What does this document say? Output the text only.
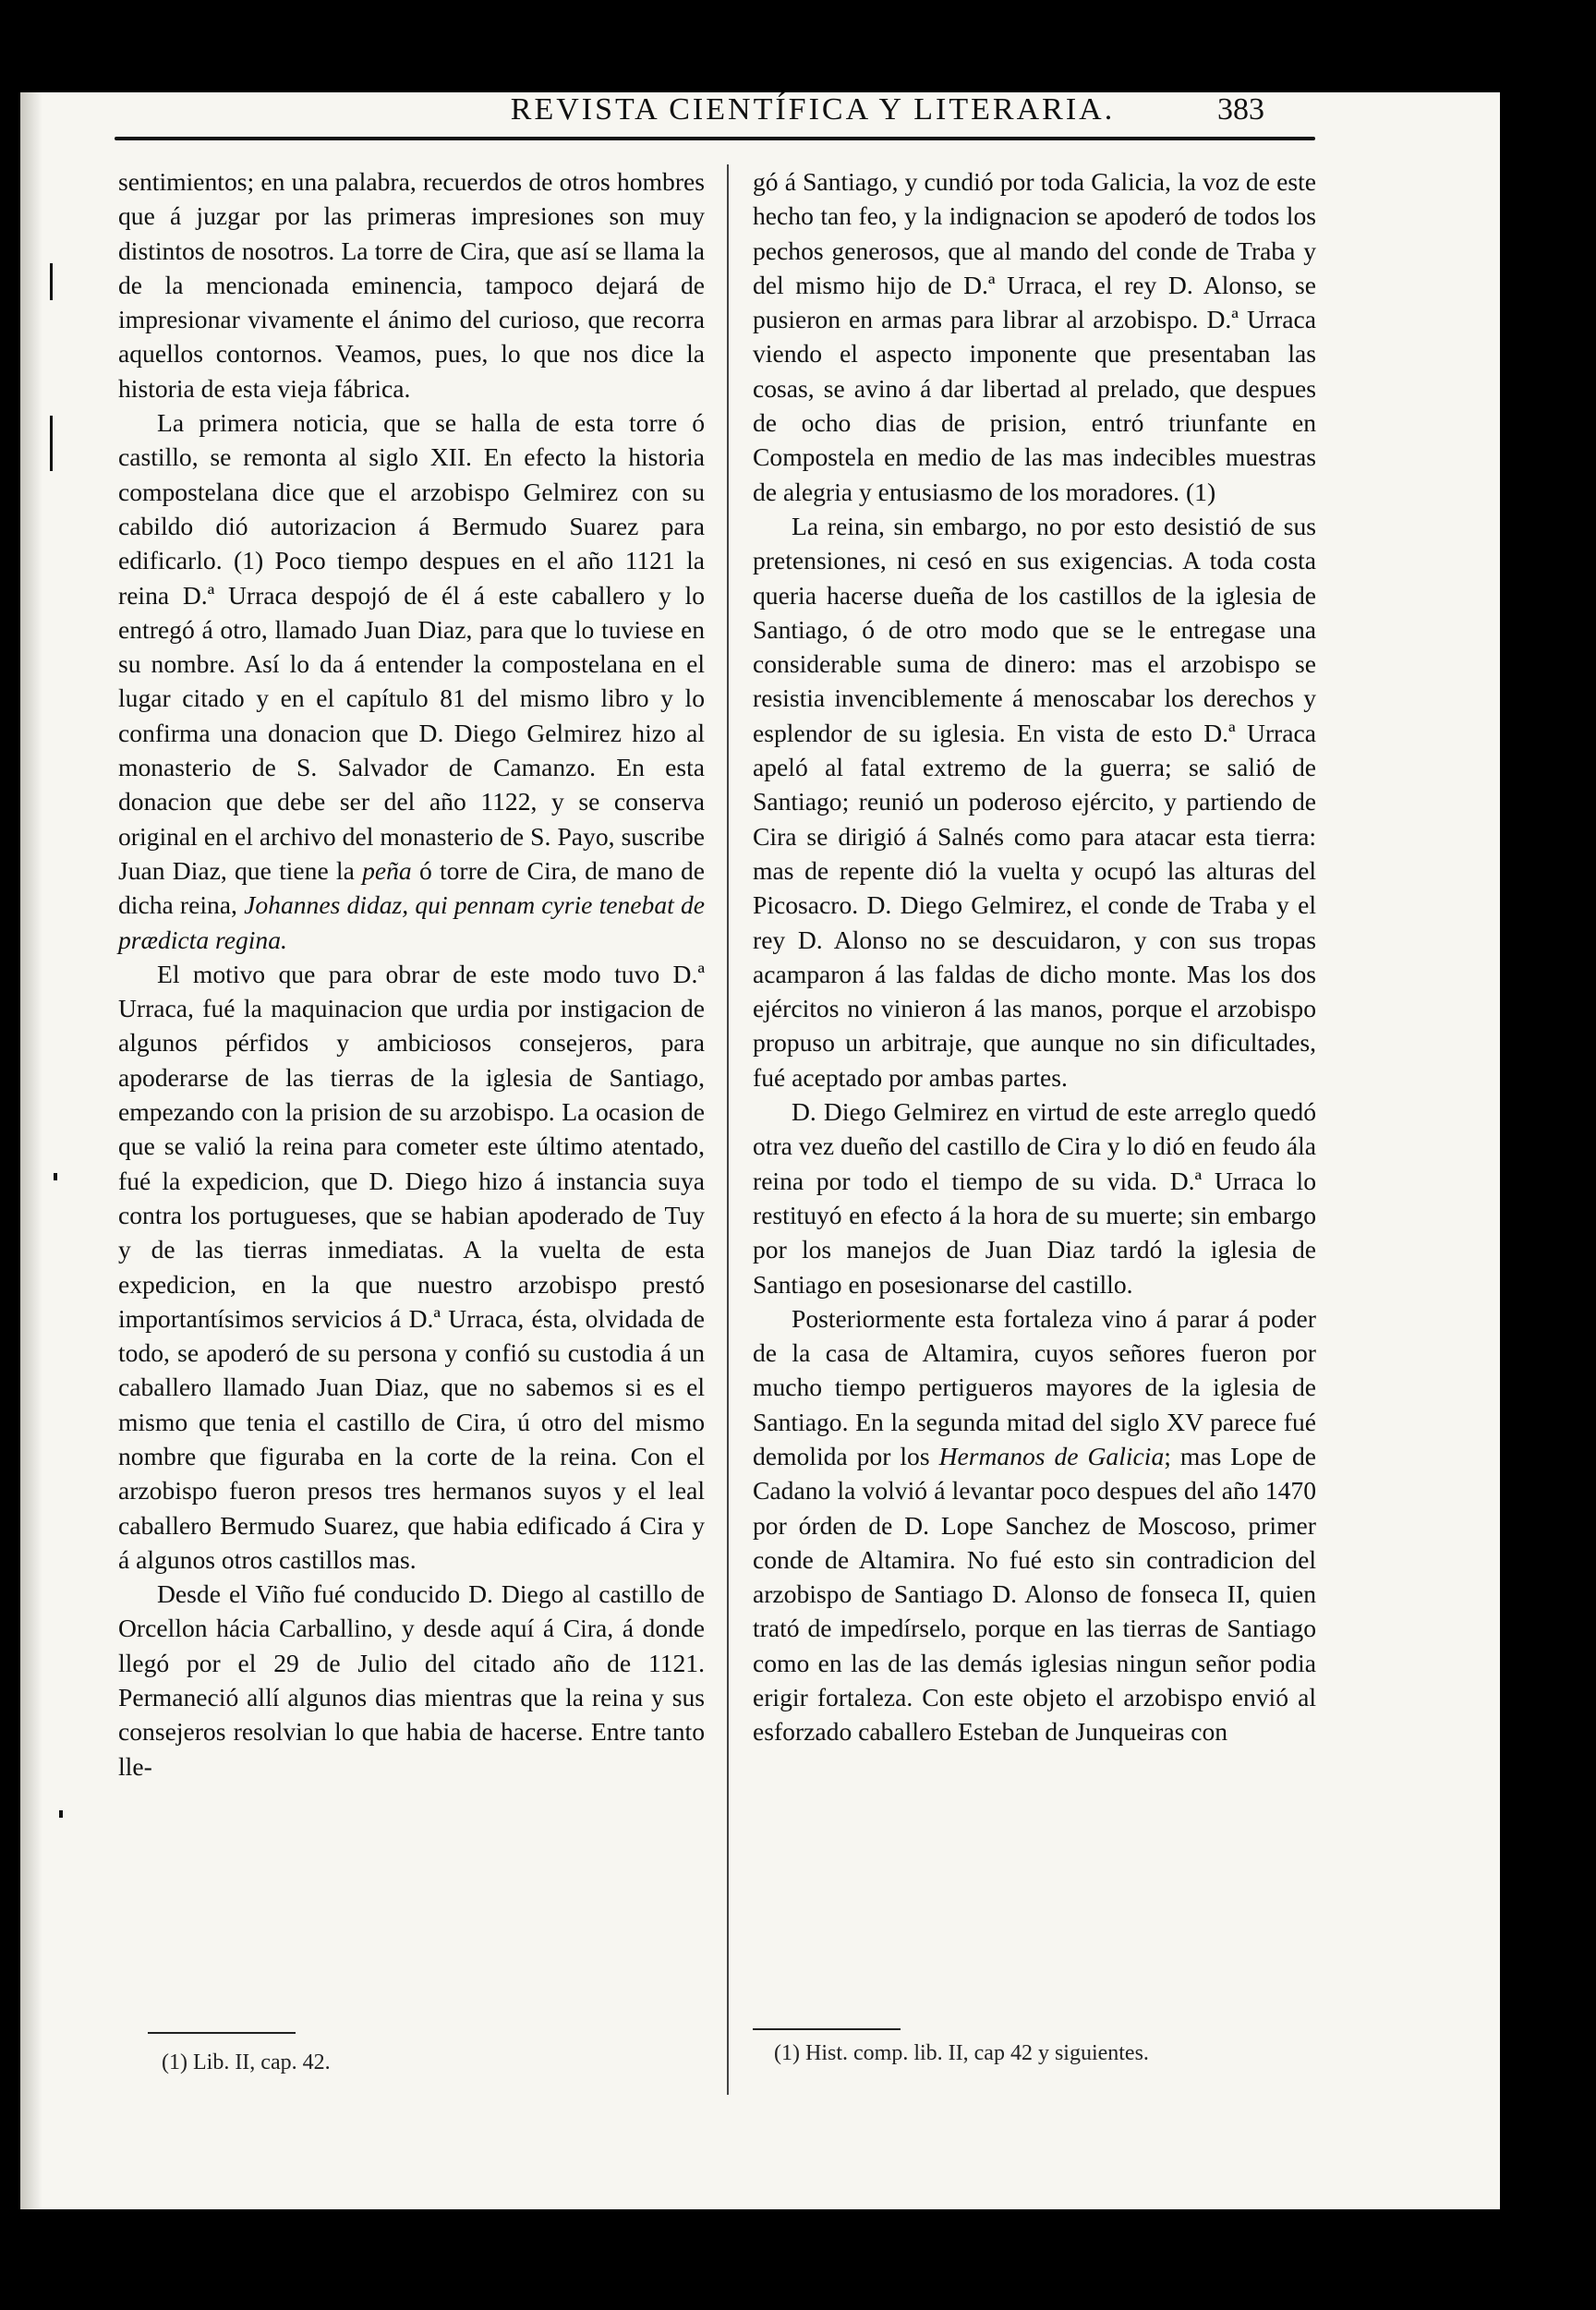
REVISTA CIENTÍFICA Y LITERARIA.	383

sentimientos; en una palabra, recuerdos de otros hombres que á juzgar por las primeras impresiones son muy distintos de nosotros. La torre de Cira, que así se llama la de la mencionada eminencia, tampoco dejará de impresionar vivamente el ánimo del curioso, que recorra aquellos contornos. Veamos, pues, lo que nos dice la historia de esta vieja fábrica.

La primera noticia, que se halla de esta torre ó castillo, se remonta al siglo XII. En efecto la historia compostelana dice que el arzobispo Gelmirez con su cabildo dió autorizacion á Bermudo Suarez para edificarlo. (1) Poco tiempo despues en el año 1121 la reina D.ª Urraca despojó de él á este caballero y lo entregó á otro, llamado Juan Diaz, para que lo tuviese en su nombre. Así lo da á entender la compostelana en el lugar citado y en el capítulo 81 del mismo libro y lo confirma una donacion que D. Diego Gelmirez hizo al monasterio de S. Salvador de Camanzo. En esta donacion que debe ser del año 1122, y se conserva original en el archivo del monasterio de S. Payo, suscribe Juan Diaz, que tiene la peña ó torre de Cira, de mano de dicha reina, Johannes didaz, qui pennam cyrie tenebat de prædicta regina.

El motivo que para obrar de este modo tuvo D.ª Urraca, fué la maquinacion que urdia por instigacion de algunos pérfidos y ambiciosos consejeros, para apoderarse de las tierras de la iglesia de Santiago, empezando con la prision de su arzobispo. La ocasion de que se valió la reina para cometer este último atentado, fué la expedicion, que D. Diego hizo á instancia suya contra los portugueses, que se habian apoderado de Tuy y de las tierras inmediatas. A la vuelta de esta expedicion, en la que nuestro arzobispo prestó importantísimos servicios á D.ª Urraca, ésta, olvidada de todo, se apoderó de su persona y confió su custodia á un caballero llamado Juan Diaz, que no sabemos si es el mismo que tenia el castillo de Cira, ú otro del mismo nombre que figuraba en la corte de la reina. Con el arzobispo fueron presos tres hermanos suyos y el leal caballero Bermudo Suarez, que habia edificado á Cira y á algunos otros castillos mas.

Desde el Viño fué conducido D. Diego al castillo de Orcellon hácia Carballino, y desde aquí á Cira, á donde llegó por el 29 de Julio del citado año de 1121. Permaneció allí algunos dias mientras que la reina y sus consejeros resolvian lo que habia de hacerse. Entre tanto lle-

gó á Santiago, y cundió por toda Galicia, la voz de este hecho tan feo, y la indignacion se apoderó de todos los pechos generosos, que al mando del conde de Traba y del mismo hijo de D.ª Urraca, el rey D. Alonso, se pusieron en armas para librar al arzobispo. D.ª Urraca viendo el aspecto imponente que presentaban las cosas, se avino á dar libertad al prelado, que despues de ocho dias de prision, entró triunfante en Compostela en medio de las mas indecibles muestras de alegria y entusiasmo de los moradores. (1)

La reina, sin embargo, no por esto desistió de sus pretensiones, ni cesó en sus exigencias. A toda costa queria hacerse dueña de los castillos de la iglesia de Santiago, ó de otro modo que se le entregase una considerable suma de dinero: mas el arzobispo se resistia invenciblemente á menoscabar los derechos y esplendor de su iglesia. En vista de esto D.ª Urraca apeló al fatal extremo de la guerra; se salió de Santiago; reunió un poderoso ejército, y partiendo de Cira se dirigió á Salnés como para atacar esta tierra: mas de repente dió la vuelta y ocupó las alturas del Picosacro. D. Diego Gelmirez, el conde de Traba y el rey D. Alonso no se descuidaron, y con sus tropas acamparon á las faldas de dicho monte. Mas los dos ejércitos no vinieron á las manos, porque el arzobispo propuso un arbitraje, que aunque no sin dificultades, fué aceptado por ambas partes.

D. Diego Gelmirez en virtud de este arreglo quedó otra vez dueño del castillo de Cira y lo dió en feudo ála reina por todo el tiempo de su vida. D.ª Urraca lo restituyó en efecto á la hora de su muerte; sin embargo por los manejos de Juan Diaz tardó la iglesia de Santiago en posesionarse del castillo.

Posteriormente esta fortaleza vino á parar á poder de la casa de Altamira, cuyos señores fueron por mucho tiempo pertigueros mayores de la iglesia de Santiago. En la segunda mitad del siglo XV parece fué demolida por los Hermanos de Galicia; mas Lope de Cadano la volvió á levantar poco despues del año 1470 por órden de D. Lope Sanchez de Moscoso, primer conde de Altamira. No fué esto sin contradicion del arzobispo de Santiago D. Alonso de fonseca II, quien trató de impedírselo, porque en las tierras de Santiago como en las de las demás iglesias ningun señor podia erigir fortaleza. Con este objeto el arzobispo envió al esforzado caballero Esteban de Junqueiras con

(1) Lib. II, cap. 42.	(1) Hist. comp. lib. II, cap 42 y siguientes.
